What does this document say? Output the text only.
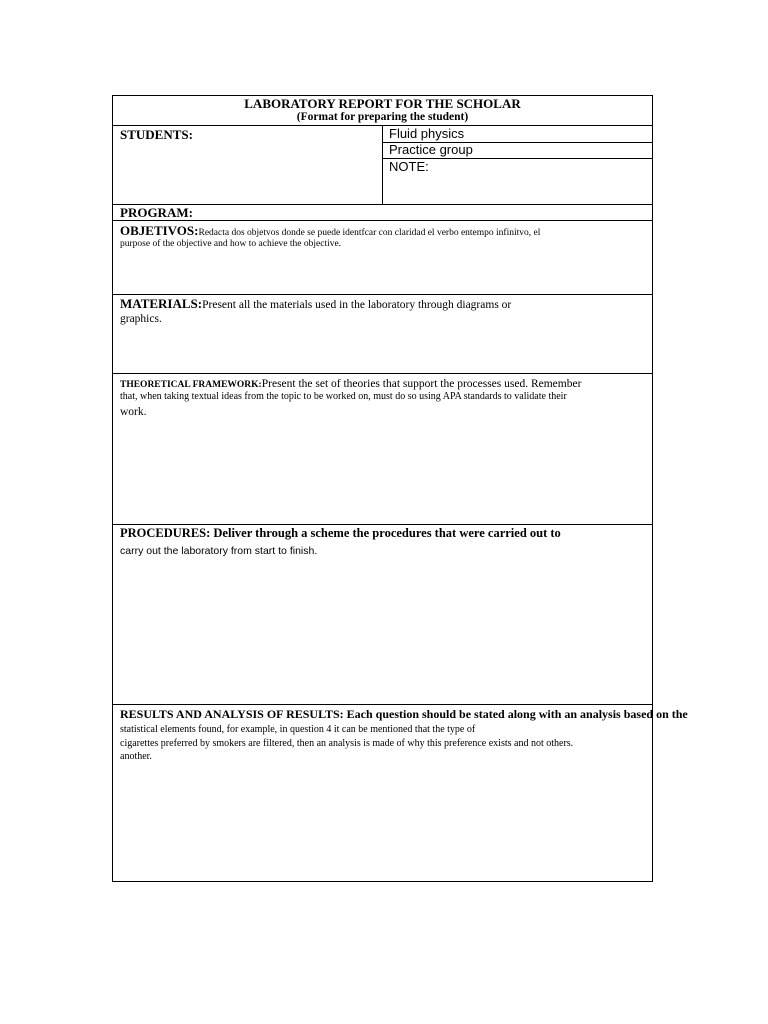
LABORATORY REPORT FOR THE SCHOLAR
(Format for preparing the student)
STUDENTS:	Fluid physics
Practice group
NOTE:
PROGRAM:
OBJETIVOS:Redacta dos objetvos donde se puede identfcar con claridad el verbo entempo infinitvo, el
purpose of the objective and how to achieve the objective.
MATERIALS:Present all the materials used in the laboratory through diagrams or
graphics.
THEORETICAL FRAMEWORK:Present the set of theories that support the processes used. Remember
that, when taking textual ideas from the topic to be worked on, must do so using APA standards to validate their
work.
PROCEDURES: Deliver through a scheme the procedures that were carried out to
carry out the laboratory from start to finish.
RESULTS AND ANALYSIS OF RESULTS: Each question should be stated along with an analysis based on the
statistical elements found, for example, in question 4 it can be mentioned that the type of
cigarettes preferred by smokers are filtered, then an analysis is made of why this preference exists and not others.
another.
